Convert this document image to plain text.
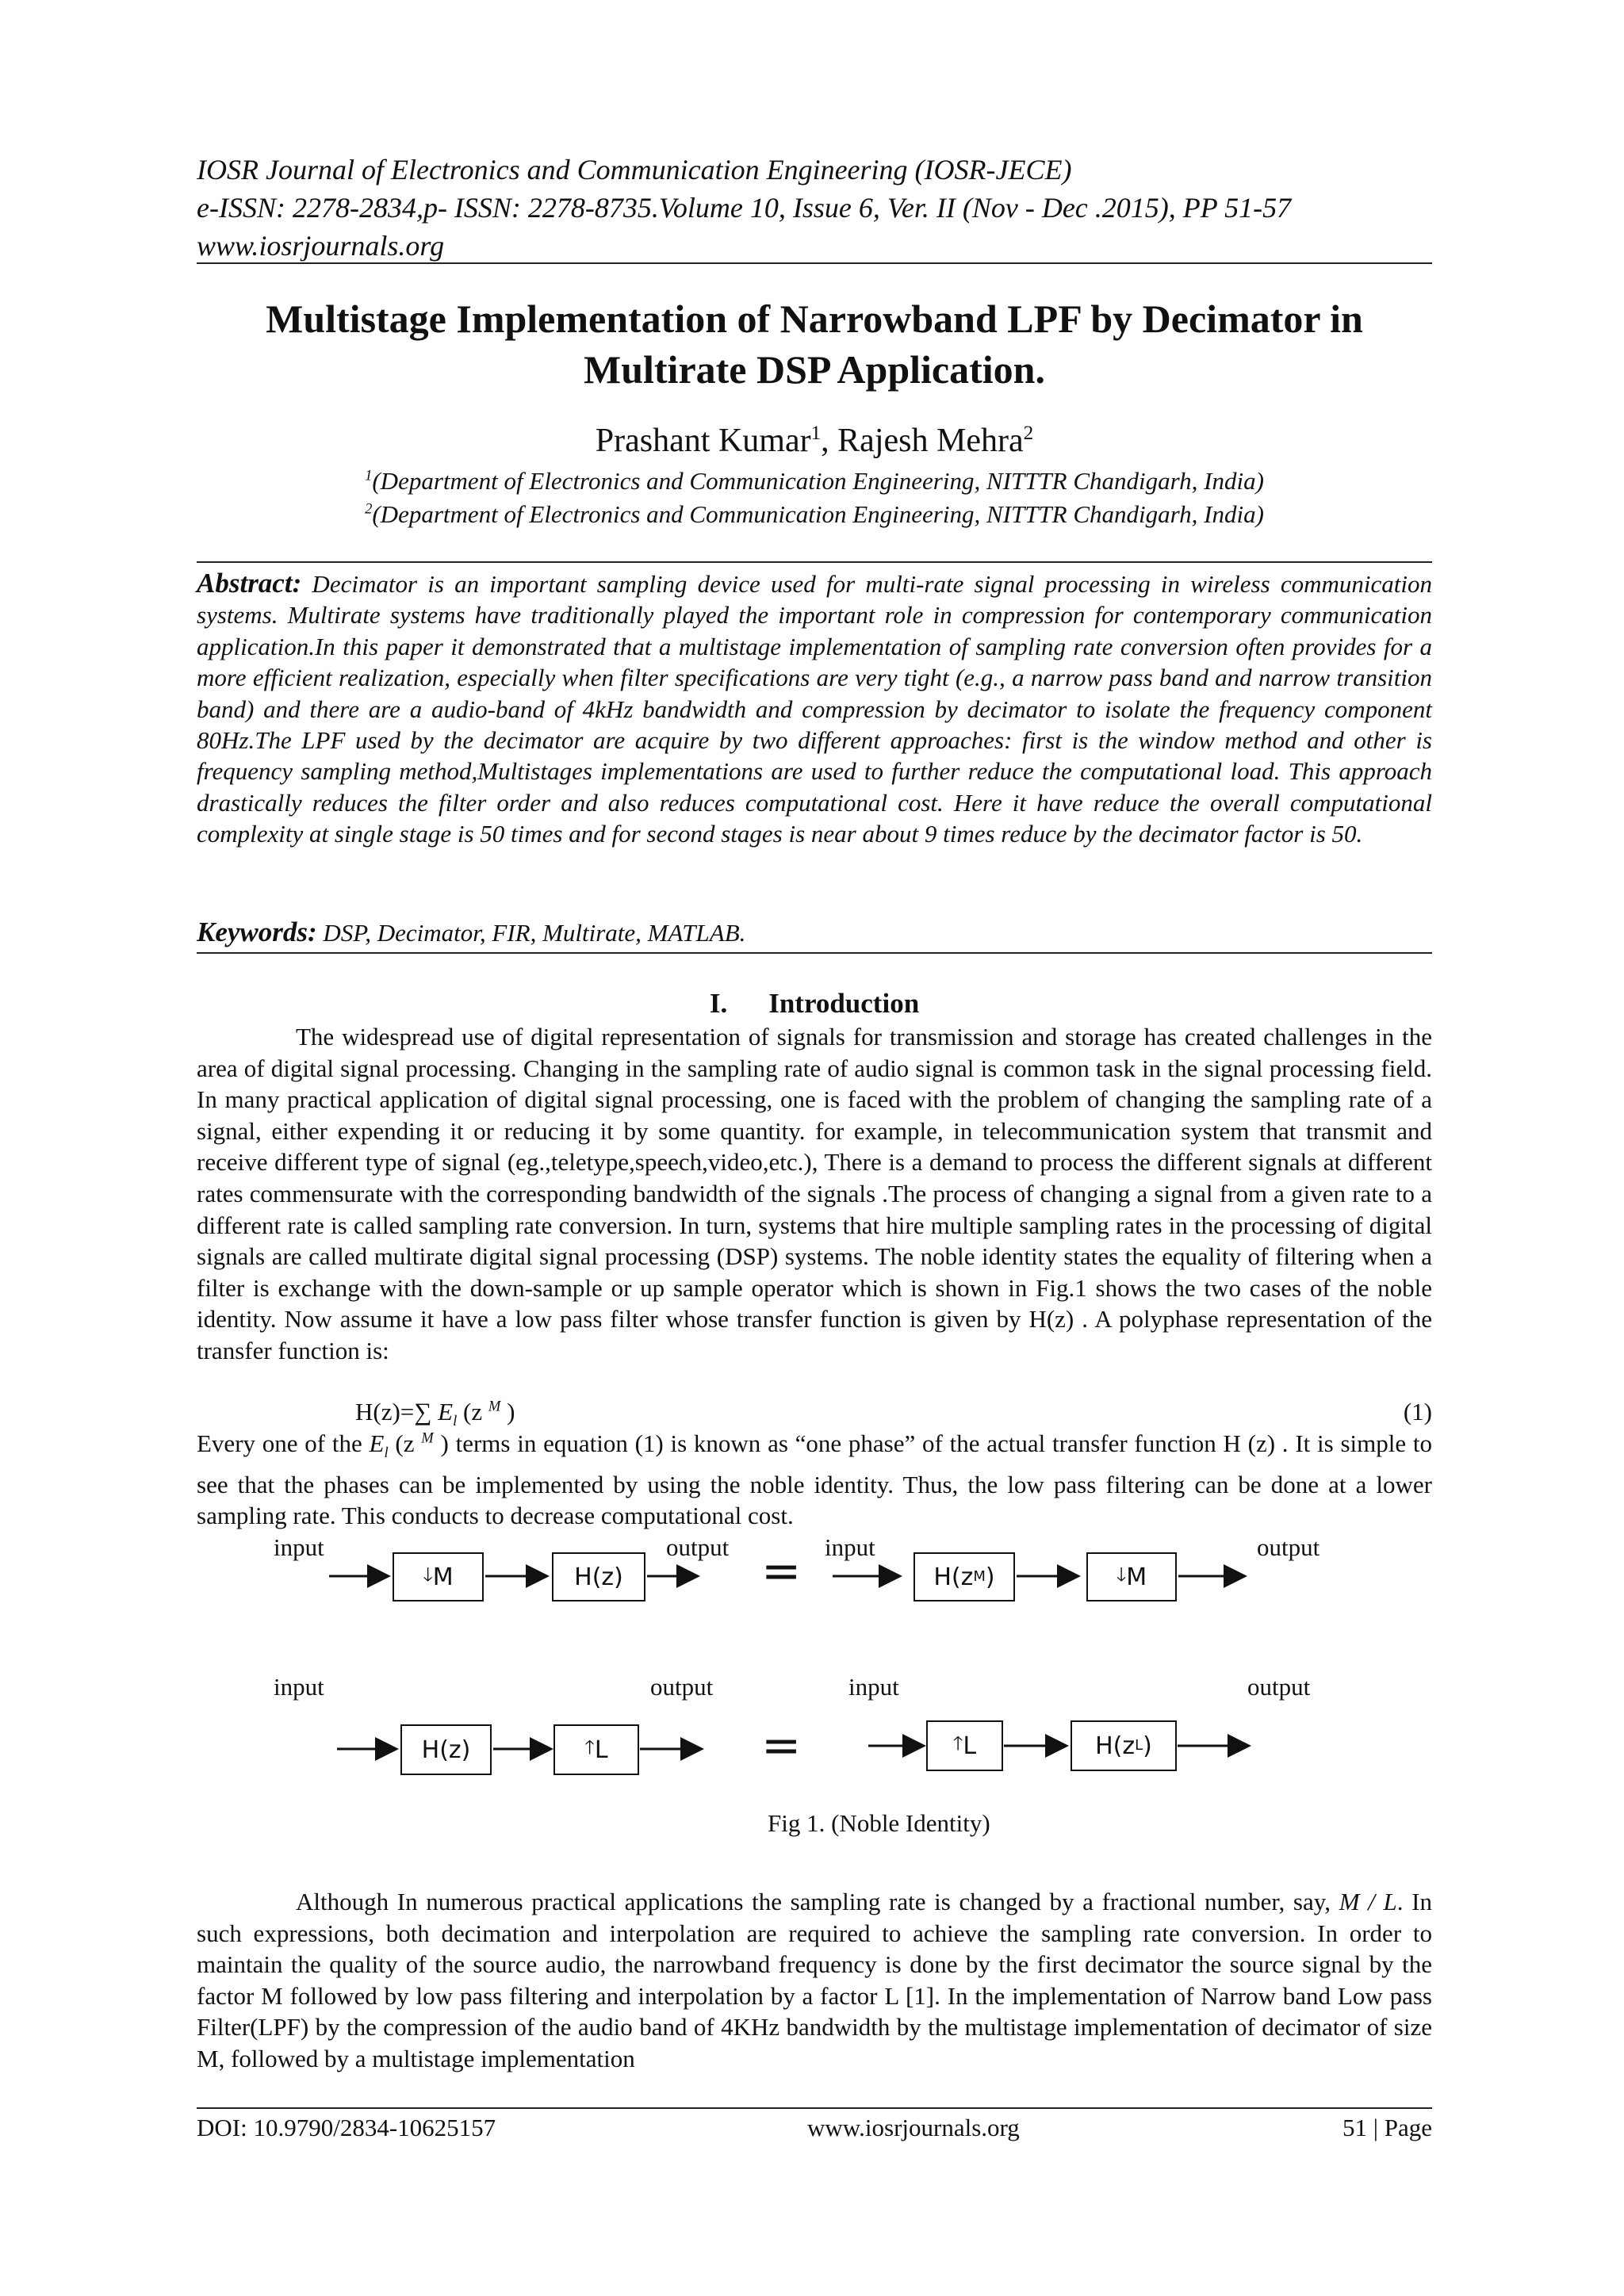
IOSR Journal of Electronics and Communication Engineering (IOSR-JECE)
e-ISSN: 2278-2834,p- ISSN: 2278-8735.Volume 10, Issue 6, Ver. II (Nov - Dec .2015), PP 51-57
www.iosrjournals.org
Multistage Implementation of Narrowband LPF by Decimator in
Multirate DSP Application.
Prashant Kumar$^1$, Rajesh Mehra$^2$
$^1$(Department of Electronics and Communication Engineering, NITTTR Chandigarh, India)
$^2$(Department of Electronics and Communication Engineering, NITTTR Chandigarh, India)
Abstract: Decimator is an important sampling device used for multi-rate signal processing in wireless communication systems. Multirate systems have traditionally played the important role in compression for contemporary communication application.In this paper it demonstrated that a multistage implementation of sampling rate conversion often provides for a more efficient realization, especially when filter specifications are very tight (e.g., a narrow pass band and narrow transition band) and there are a audio-band of 4kHz bandwidth and compression by decimator to isolate the frequency component 80Hz.The LPF used by the decimator are acquire by two different approaches: first is the window method and other is frequency sampling method,Multistages implementations are used to further reduce the computational load. This approach drastically reduces the filter order and also reduces computational cost. Here it have reduce the overall computational complexity at single stage is 50 times and for second stages is near about 9 times reduce by the decimator factor is 50.
Keywords: DSP, Decimator, FIR, Multirate, MATLAB.
I. Introduction
The widespread use of digital representation of signals for transmission and storage has created challenges in the area of digital signal processing. Changing in the sampling rate of audio signal is common task in the signal processing field. In many practical application of digital signal processing, one is faced with the problem of changing the sampling rate of a signal, either expending it or reducing it by some quantity. for example, in telecommunication system that transmit and receive different type of signal (eg.,teletype,speech,video,etc.), There is a demand to process the different signals at different rates commensurate with the corresponding bandwidth of the signals .The process of changing a signal from a given rate to a different rate is called sampling rate conversion. In turn, systems that hire multiple sampling rates in the processing of digital signals are called multirate digital signal processing (DSP) systems. The noble identity states the equality of filtering when a filter is exchange with the down-sample or up sample operator which is shown in Fig.1 shows the two cases of the noble identity. Now assume it have a low pass filter whose transfer function is given by H(z) . A polyphase representation of the transfer function is:
H(z)=∑ $E_l$ (z $^M$ )	(1)
Every one of the $E_l$ (z $^M$ ) terms in equation (1) is known as “one phase” of the actual transfer function H (z) . It is simple to see that the phases can be implemented by using the noble identity. Thus, the low pass filtering can be done at a lower sampling rate. This conducts to decrease computational cost.
input	output	input	output
🡓 M	H(z)	=	H(z M )	🡓 M
input	output	input	output
H(z)	🡑 L	=	🡑 L	H(z L )
Fig 1. (Noble Identity)
Although In numerous practical applications the sampling rate is changed by a fractional number, say, M / L. In such expressions, both decimation and interpolation are required to achieve the sampling rate conversion. In order to maintain the quality of the source audio, the narrowband frequency is done by the first decimator the source signal by the factor M followed by low pass filtering and interpolation by a factor L [1]. In the implementation of Narrow band Low pass Filter(LPF) by the compression of the audio band of 4KHz bandwidth by the multistage implementation of decimator of size M, followed by a multistage implementation
DOI: 10.9790/2834-10625157	www.iosrjournals.org	51 | Page
